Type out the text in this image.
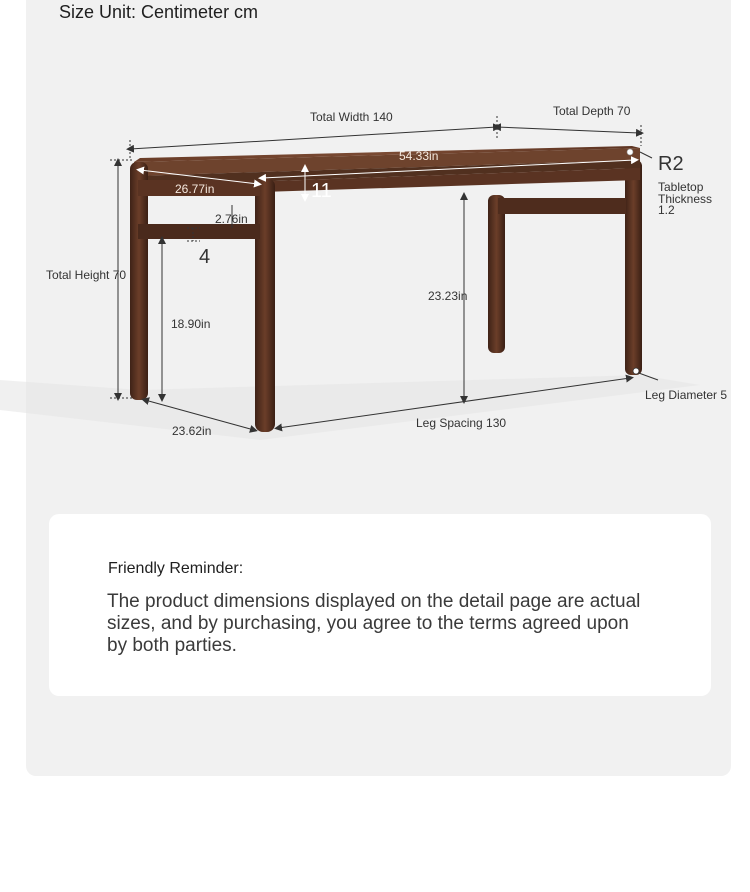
Size Unit: Centimeter cm
Total Width 140	Total Depth 70
Total Height 70
Leg Spacing 130
Leg Diameter 5
R2
Tabletop
Thickness
1.2
54.33in
26.77in	11
2.76in
4
18.90in
23.23in
23.62in
Friendly Reminder:
The product dimensions displayed on the detail page are actual sizes, and by purchasing, you agree to the terms agreed upon by both parties.
